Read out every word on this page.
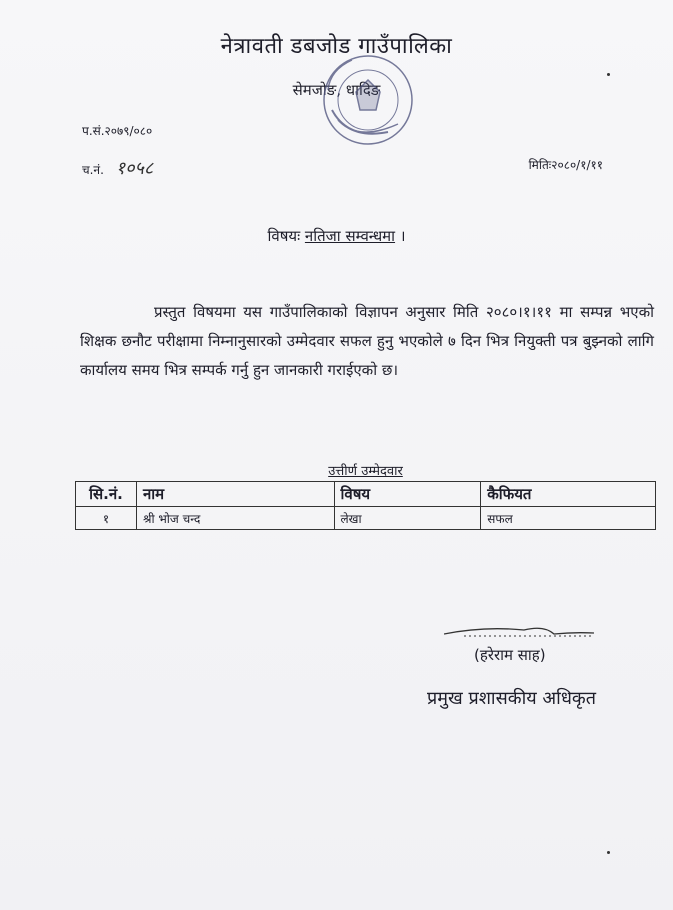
नेत्रावती डबजोड गाउँपालिका
सेमजोङ, धादिङ
प.सं.२०७९/०८०
च.नं. १०५८	मितिः२०८०/१/११
विषयः नतिजा सम्वन्धमा ।
प्रस्तुत विषयमा यस गाउँपालिकाको विज्ञापन अनुसार मिति २०८०।१।११ मा सम्पन्न भएको शिक्षक छनौट परीक्षामा निम्नानुसारको उम्मेदवार सफल हुनु भएकोले ७ दिन भित्र नियुक्ती पत्र बुझ्नको लागि कार्यालय समय भित्र सम्पर्क गर्नु हुन जानकारी गराईएको छ।
उत्तीर्ण उम्मेदवार
सि.नं.	नाम	विषय	कैफियत
१	श्री भोज चन्द	लेखा	सफल
(हरेराम साह)
प्रमुख प्रशासकीय अधिकृत
